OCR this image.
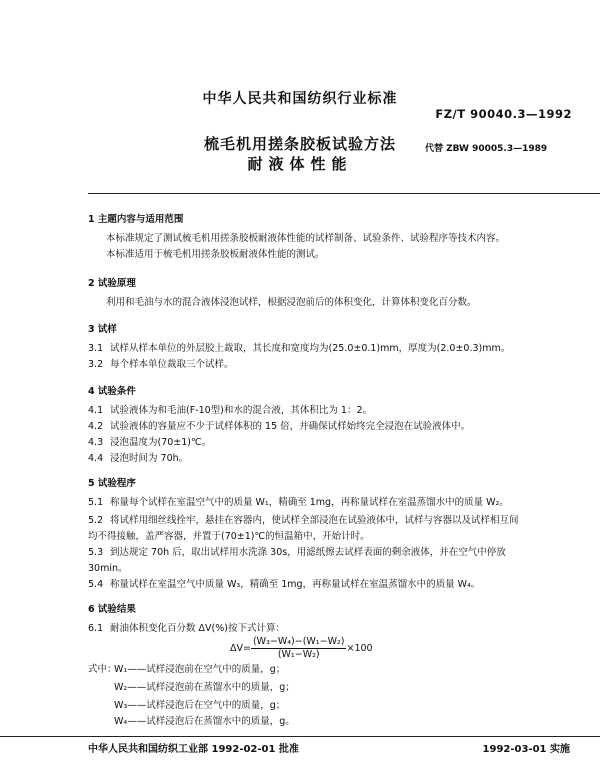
中华人民共和国纺织行业标准
FZ/T 90040.3—1992
梳毛机用搓条胶板试验方法	代替 ZBW 90005.3—1989
耐液体性能
1 主题内容与适用范围
本标准规定了测试梳毛机用搓条胶板耐液体性能的试样制备、试验条件、试验程序等技术内容。
本标准适用于梳毛机用搓条胶板耐液体性能的测试。
2 试验原理
利用和毛油与水的混合液体浸泡试样，根据浸泡前后的体积变化，计算体积变化百分数。
3 试样
3.1 试样从样本单位的外层胶上裁取，其长度和宽度均为(25.0±0.1)mm，厚度为(2.0±0.3)mm。
3.2 每个样本单位裁取三个试样。
4 试验条件
4.1 试验液体为和毛油(F-10型)和水的混合液，其体积比为 1：2。
4.2 试验液体的容量应不少于试样体积的 15 倍，并确保试样始终完全浸泡在试验液体中。
4.3 浸泡温度为(70±1)℃。
4.4 浸泡时间为 70h。
5 试验程序
5.1 称量每个试样在室温空气中的质量 W₁，精确至 1mg，再称量试样在室温蒸馏水中的质量 W₂。
5.2 将试样用细丝线拴牢，悬挂在容器内，使试样全部浸泡在试验液体中，试样与容器以及试样相互间
均不得接触，盖严容器，并置于(70±1)℃的恒温箱中，开始计时。
5.3 到达规定 70h 后，取出试样用水洗涤 30s，用滤纸擦去试样表面的剩余液体，并在空气中停放
30min。
5.4 称量试样在室温空气中质量 W₃，精确至 1mg，再称量试样在室温蒸馏水中的质量 W₄。
6 试验结果
6.1 耐油体积变化百分数 ΔV(%)按下式计算：
$\Delta V= \frac{\text{(W₃−W₄)−(W₁−W₂)}}{\text{(W₁−W₂)}} \times 100$
式中：
W₁——试样浸泡前在空气中的质量，g；
W₂——试样浸泡前在蒸馏水中的质量，g；
W₃——试样浸泡后在空气中的质量，g；
W₄——试样浸泡后在蒸馏水中的质量，g。
中华人民共和国纺织工业部 1992-02-01 批准	1992-03-01 实施
